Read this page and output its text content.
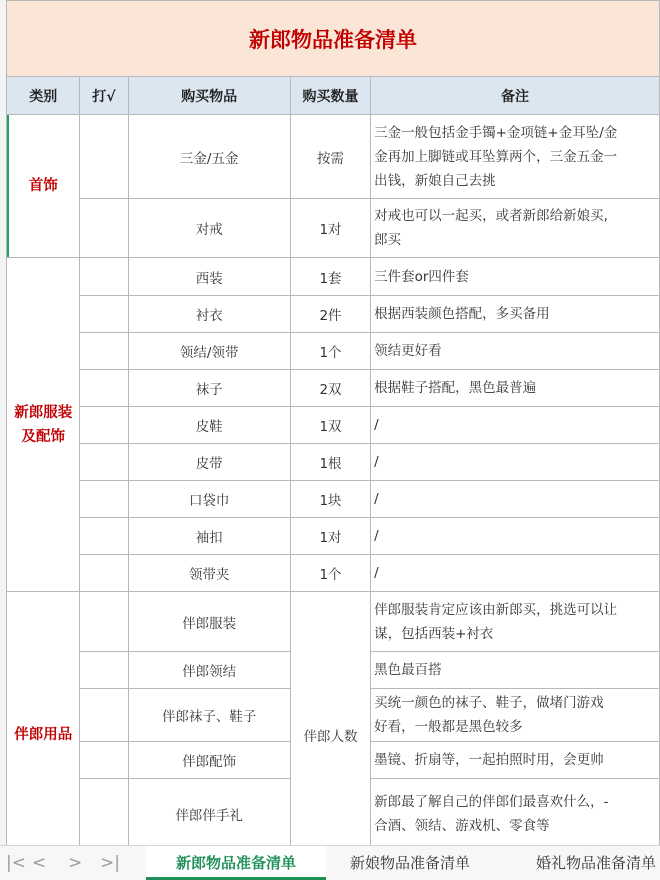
新郎物品准备清单				
类别	打√	购买物品	购买数量	备注
首饰		三金/五金	按需	三金一般包括金手镯+金项链+金耳坠/金
金再加上脚链或耳坠算两个，三金五金一
出钱，新娘自己去挑

		对戒	1对	对戒也可以一起买，或者新郎给新娘买,
郎买

新郎服装
及配饰		西装	1套	三件套or四件套
		衬衣	2件	根据西装颜色搭配，多买备用
		领结/领带	1个	领结更好看
		袜子	2双	根据鞋子搭配，黑色最普遍
		皮鞋	1双	/
		皮带	1根	/
		口袋巾	1块	/
		袖扣	1对	/
		领带夹	1个	/
伴郎用品		伴郎服装	伴郎人数	伴郎服装肯定应该由新郎买，挑选可以让
谋，包括西装+衬衣

		伴郎领结		黑色最百搭
		伴郎袜子、鞋子		买统一颜色的袜子、鞋子，做堵门游戏
好看，一般都是黑色较多

		伴郎配饰		墨镜、折扇等，一起拍照时用，会更帅
		伴郎伴手礼		新郎最了解自己的伴郎们最喜欢什么，-
合酒、领结、游戏机、零食等

|< < > >|	新郎物品准备清单	新娘物品准备清单	婚礼物品准备清单
